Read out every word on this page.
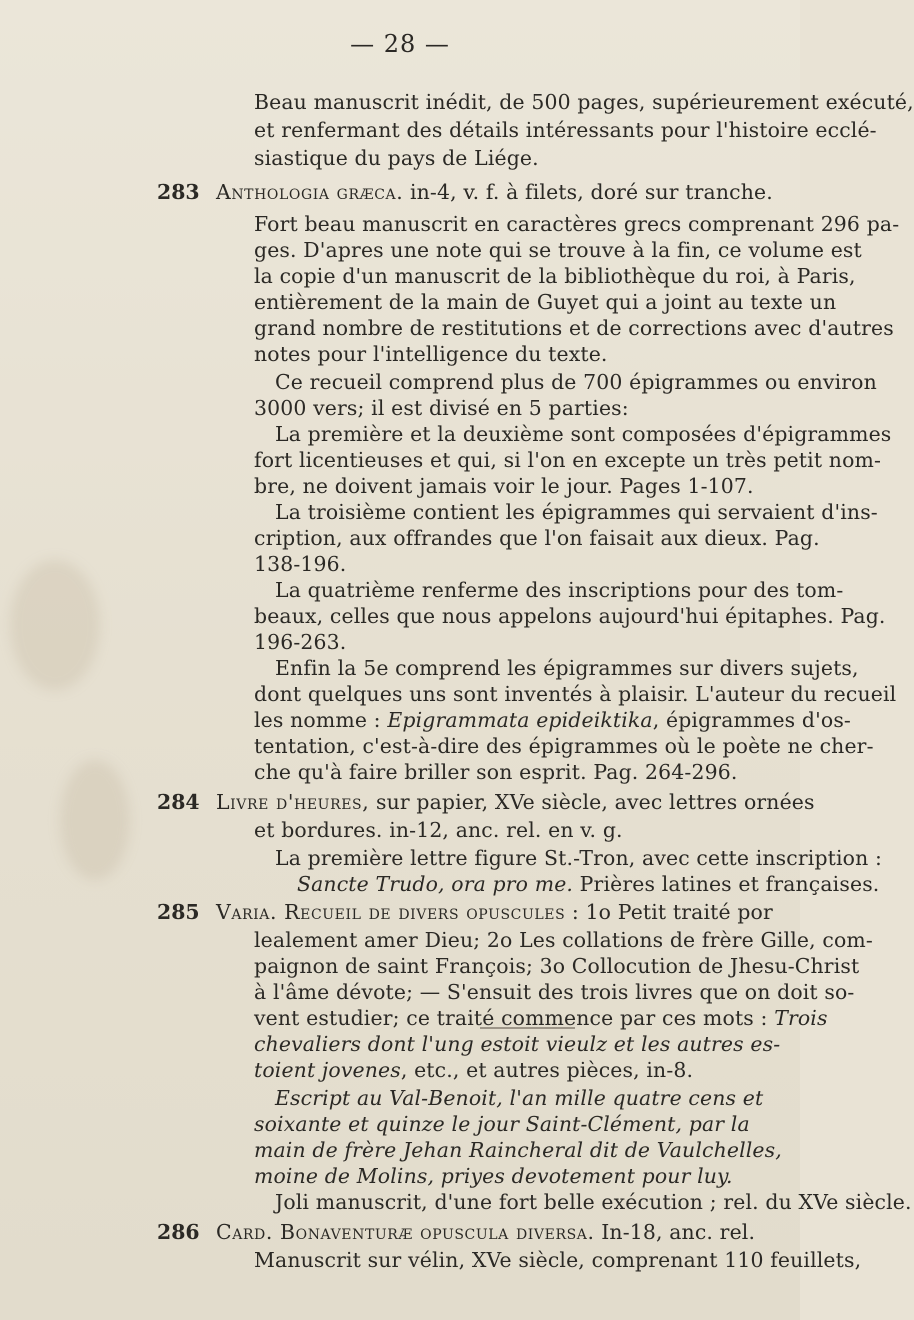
— 28 —
Beau manuscrit inédit, de 500 pages, supérieurement exécuté,
et renfermant des détails intéressants pour l'histoire ecclé-
siastique du pays de Liége.
283 Anthologia græca. in-4, v. f. à filets, doré sur tranche.
Fort beau manuscrit en caractères grecs comprenant 296 pa-
ges. D'apres une note qui se trouve à la fin, ce volume est
la copie d'un manuscrit de la bibliothèque du roi, à Paris,
entièrement de la main de Guyet qui a joint au texte un
grand nombre de restitutions et de corrections avec d'autres
notes pour l'intelligence du texte.
Ce recueil comprend plus de 700 épigrammes ou environ
3000 vers; il est divisé en 5 parties:
La première et la deuxième sont composées d'épigrammes
fort licentieuses et qui, si l'on en excepte un très petit nom-
bre, ne doivent jamais voir le jour. Pages 1-107.
La troisième contient les épigrammes qui servaient d'ins-
cription, aux offrandes que l'on faisait aux dieux. Pag.
138-196.
La quatrième renferme des inscriptions pour des tom-
beaux, celles que nous appelons aujourd'hui épitaphes. Pag.
196-263.
Enfin la 5e comprend les épigrammes sur divers sujets,
dont quelques uns sont inventés à plaisir. L'auteur du recueil
les nomme : Epigrammata epideiktika, épigrammes d'os-
tentation, c'est-à-dire des épigrammes où le poète ne cher-
che qu'à faire briller son esprit. Pag. 264-296.
284 Livre d'heures, sur papier, XVe siècle, avec lettres ornées
et bordures. in-12, anc. rel. en v. g.
La première lettre figure St.-Tron, avec cette inscription :
Sancte Trudo, ora pro me. Prières latines et françaises.
285 Varia. Recueil de divers opuscules : 1o Petit traité por
lealement amer Dieu; 2o Les collations de frère Gille, com-
paignon de saint François; 3o Collocution de Jhesu-Christ
à l'âme dévote; — S'ensuit des trois livres que on doit so-
vent estudier; ce traité commence par ces mots : Trois
chevaliers dont l'ung estoit vieulz et les autres es-
toient jovenes, etc., et autres pièces, in-8.
Escript au Val-Benoit, l'an mille quatre cens et
soixante et quinze le jour Saint-Clément, par la
main de frère Jehan Raincheral dit de Vaulchelles,
moine de Molins, priyes devotement pour luy.
Joli manuscrit, d'une fort belle exécution ; rel. du XVe siècle.
286 Card. Bonaventuræ opuscula diversa. In-18, anc. rel.
Manuscrit sur vélin, XVe siècle, comprenant 110 feuillets,
